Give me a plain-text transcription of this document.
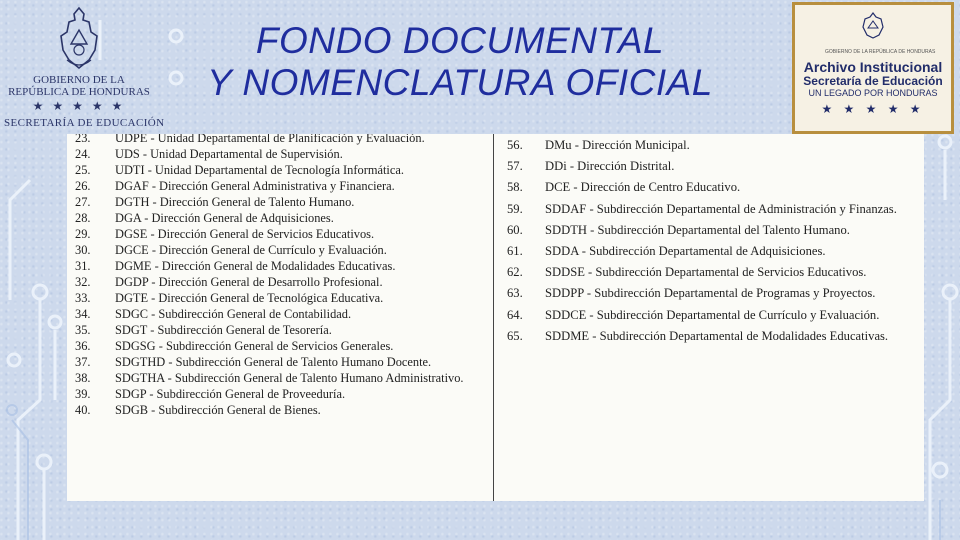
GOBIERNO DE LA
REPÚBLICA DE HONDURAS
★ ★ ★ ★ ★
SECRETARÍA DE EDUCACIÓN
FONDO DOCUMENTAL
Y NOMENCLATURA OFICIAL
GOBIERNO DE LA REPÚBLICA DE HONDURAS
Archivo Institucional
Secretaría de Educación
UN LEGADO POR HONDURAS
★ ★ ★ ★ ★
23.	UDPE - Unidad Departamental de Planificación y Evaluación.
24.	UDS - Unidad Departamental de Supervisión.
25.	UDTI - Unidad Departamental de Tecnología Informática.
26.	DGAF - Dirección General Administrativa y Financiera.
27.	DGTH - Dirección General de Talento Humano.
28.	DGA - Dirección General de Adquisiciones.
29.	DGSE - Dirección General de Servicios Educativos.
30.	DGCE - Dirección General de Currículo y Evaluación.
31.	DGME - Dirección General de Modalidades Educativas.
32.	DGDP - Dirección General de Desarrollo Profesional.
33.	DGTE - Dirección General de Tecnológica Educativa.
34.	SDGC - Subdirección General de Contabilidad.
35.	SDGT - Subdirección General de Tesorería.
36.	SDGSG - Subdirección General de Servicios Generales.
37.	SDGTHD - Subdirección General de Talento Humano Docente.
38.	SDGTHA - Subdirección General de Talento Humano Administrativo.
39.	SDGP - Subdirección General de Proveeduría.
40.	SDGB - Subdirección General de Bienes.
56.	DMu - Dirección Municipal.
57.	DDi - Dirección Distrital.
58.	DCE - Dirección de Centro Educativo.
59.	SDDAF - Subdirección Departamental de Administración y Finanzas.
60.	SDDTH - Subdirección Departamental del Talento Humano.
61.	SDDA - Subdirección Departamental de Adquisiciones.
62.	SDDSE - Subdirección Departamental de Servicios Educativos.
63.	SDDPP - Subdirección Departamental de Programas y Proyectos.
64.	SDDCE - Subdirección Departamental de Currículo y Evaluación.
65.	SDDME - Subdirección Departamental de Modalidades Educativas.
